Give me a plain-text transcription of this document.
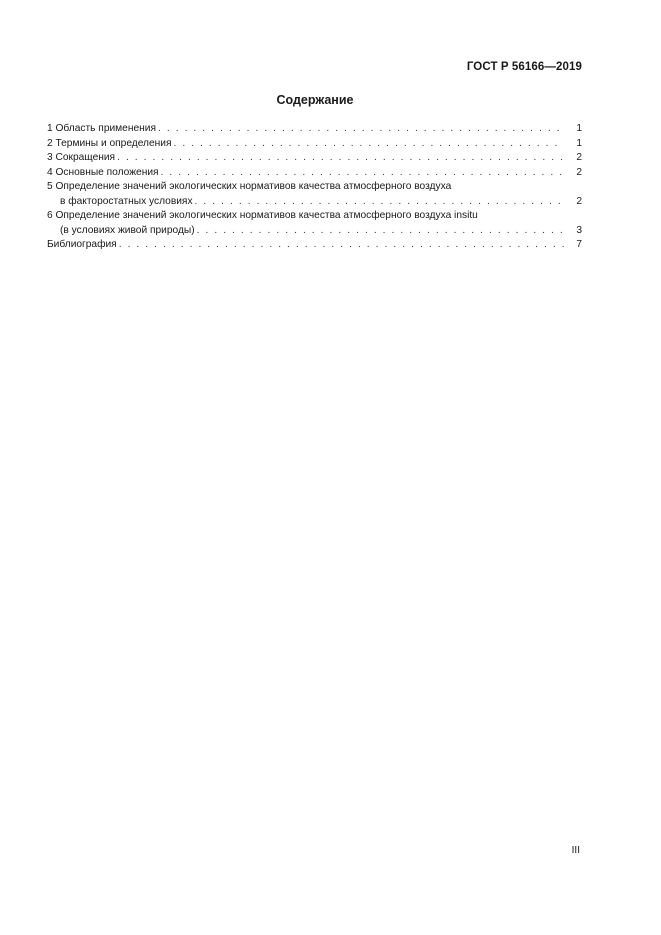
ГОСТ Р 56166—2019
Содержание
1 Область применения . . .	1
2 Термины и определения . . .	1
3 Сокращения . . .	2
4 Основные положения . . .	2
5 Определение значений экологических нормативов качества атмосферного воздуха
в факторостатных условиях . . .	2
6 Определение значений экологических нормативов качества атмосферного воздуха insitu
(в условиях живой природы) . . .	3
Библиография . . .	7
III
